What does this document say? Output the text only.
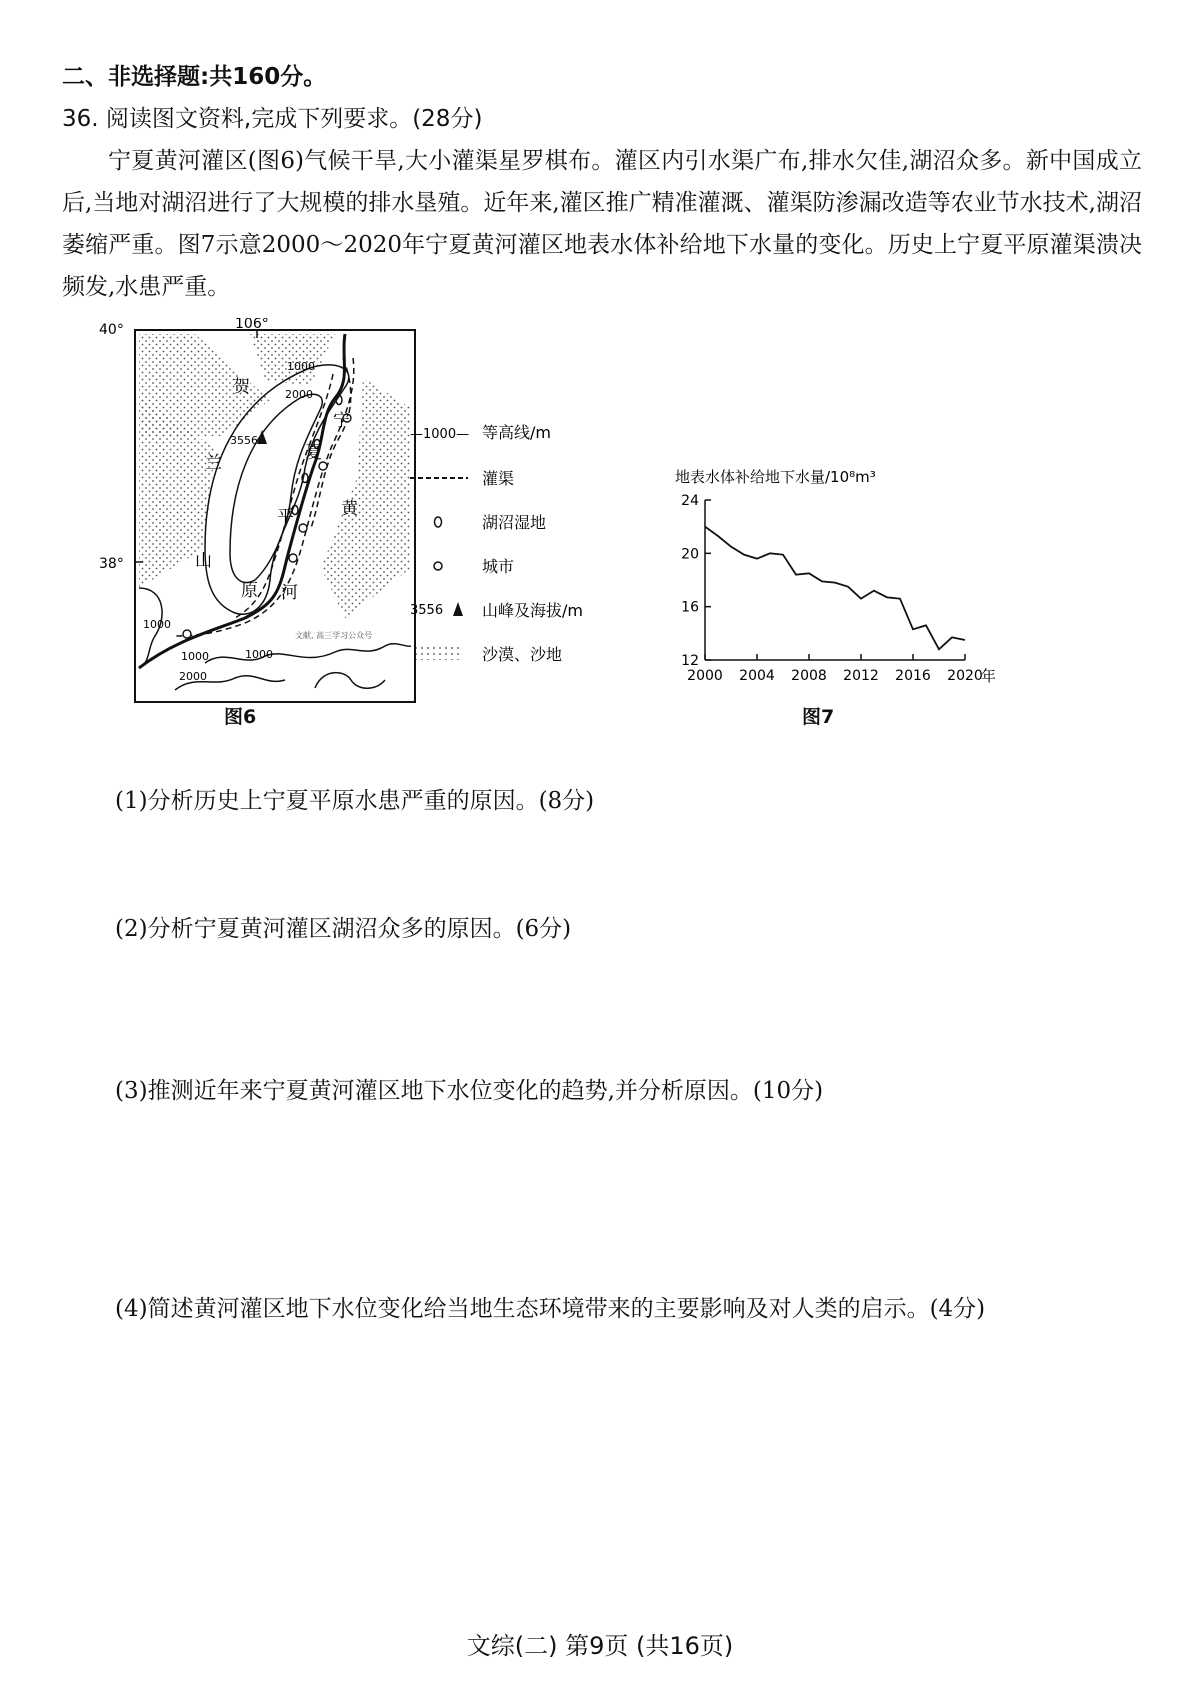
二、非选择题:共160分。
36. 阅读图文资料,完成下列要求。(28分)
宁夏黄河灌区(图6)气候干旱,大小灌渠星罗棋布。灌区内引水渠广布,排水欠佳,湖沼众多。新中国成立后,当地对湖沼进行了大规模的排水垦殖。近年来,灌区推广精准灌溉、灌渠防渗漏改造等农业节水技术,湖沼萎缩严重。图7示意2000～2020年宁夏黄河灌区地表水体补给地下水量的变化。历史上宁夏平原灌渠溃决频发,水患严重。
3556
106°
40°
38°
1000
2000
1000
1000	1000
2000
贺
兰
山
宁
夏
平
原
黄
河
文献, 高三学习公众号
图6
—1000— 等高线/m
灌渠
湖沼湿地
城市
3556 山峰及海拔/m
沙漠、沙地
地表水体补给地下水量/10⁸m³
12
16
20
24
2000 2004 2008 2012 2016 2020
年
图7
(1)分析历史上宁夏平原水患严重的原因。(8分)
(2)分析宁夏黄河灌区湖沼众多的原因。(6分)
(3)推测近年来宁夏黄河灌区地下水位变化的趋势,并分析原因。(10分)
(4)简述黄河灌区地下水位变化给当地生态环境带来的主要影响及对人类的启示。(4分)
文综(二) 第9页 (共16页)
